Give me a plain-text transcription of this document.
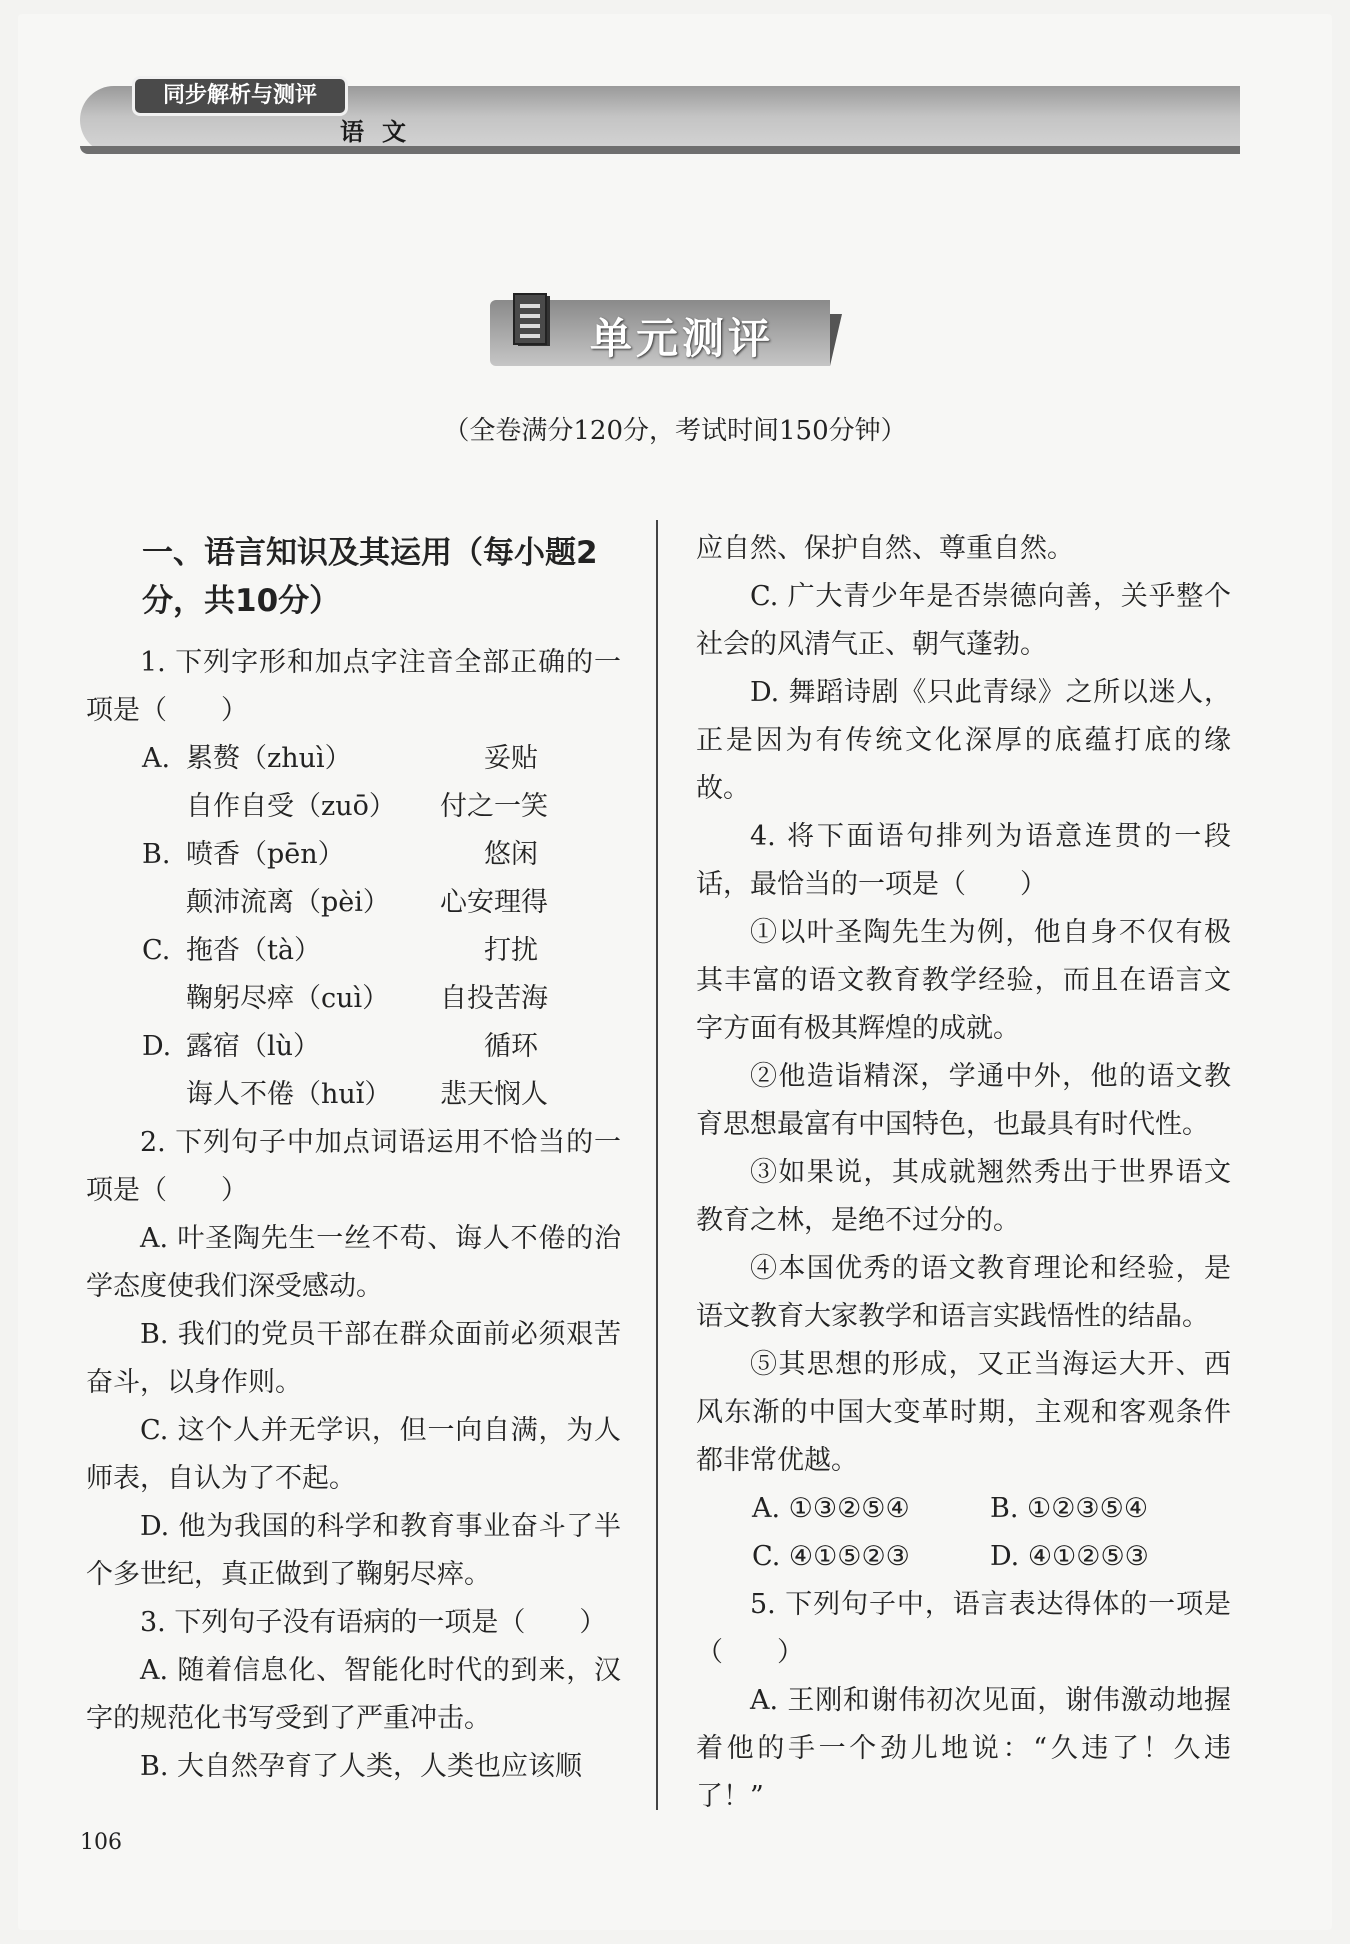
同步解析与测评
语文
单元测评
（全卷满分120分，考试时间150分钟）
一、语言知识及其运用（每小题2分，共10分）

1. 下列字形和加点字注音全部正确的一项是（　　）

A. 累赘（zhuì）	妥贴
自作自受（zuō）	付之一笑
B. 喷香（pēn）	悠闲
颠沛流离（pèi）	心安理得
C. 拖沓（tà）	打扰
鞠躬尽瘁（cuì）	自投苦海
D. 露宿（lù）	循环
诲人不倦（huǐ）	悲天悯人

2. 下列句子中加点词语运用不恰当的一项是（　　）

A. 叶圣陶先生一丝不苟、诲人不倦的治学态度使我们深受感动。

B. 我们的党员干部在群众面前必须艰苦奋斗，以身作则。

C. 这个人并无学识，但一向自满，为人师表，自认为了不起。

D. 他为我国的科学和教育事业奋斗了半个多世纪，真正做到了鞠躬尽瘁。

3. 下列句子没有语病的一项是（　　）

A. 随着信息化、智能化时代的到来，汉字的规范化书写受到了严重冲击。

B. 大自然孕育了人类，人类也应该顺

应自然、保护自然、尊重自然。

C. 广大青少年是否崇德向善，关乎整个社会的风清气正、朝气蓬勃。

D. 舞蹈诗剧《只此青绿》之所以迷人，正是因为有传统文化深厚的底蕴打底的缘故。

4. 将下面语句排列为语意连贯的一段话，最恰当的一项是（　　）

①以叶圣陶先生为例，他自身不仅有极其丰富的语文教育教学经验，而且在语言文字方面有极其辉煌的成就。

②他造诣精深，学通中外，他的语文教育思想最富有中国特色，也最具有时代性。

③如果说，其成就翘然秀出于世界语文教育之林，是绝不过分的。

④本国优秀的语文教育理论和经验，是语文教育大家教学和语言实践悟性的结晶。

⑤其思想的形成，又正当海运大开、西风东渐的中国大变革时期，主观和客观条件都非常优越。

A. ①③②⑤④	B. ①②③⑤④
C. ④①⑤②③	D. ④①②⑤③

5. 下列句子中，语言表达得体的一项是（　　）

A. 王刚和谢伟初次见面，谢伟激动地握着他的手一个劲儿地说：“久违了！久违了！”

106
